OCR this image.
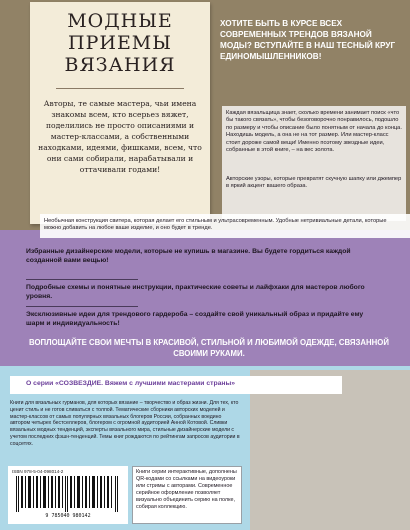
МОДНЫЕ ПРИЕМЫ ВЯЗАНИЯ
Авторы, те самые мастера, чьи имена знакомы всем, кто всерьез вяжет, поделились не просто описаниями и мастер-классами, а собственными находками, идеями, фишками, всем, что они сами собирали, нарабатывали и оттачивали годами!
ХОТИТЕ БЫТЬ В КУРСЕ ВСЕХ СОВРЕМЕННЫХ ТРЕНДОВ ВЯЗАНОЙ МОДЫ? ВСТУПАЙТЕ В НАШ ТЕСНЫЙ КРУГ ЕДИНОМЫШЛЕННИКОВ!
Каждая вязальщица знает, сколько времени занимает поиск «что бы такого связать», чтобы безоговорочно понравилось, подошло по размеру и чтобы описание было понятным от начала до конца. Находишь модель, а она не на тот размер. Или мастер-класс стоит дороже самой вещи! Именно поэтому звездные идеи, собранные в этой книге, – на вес золота.
Авторские узоры, которые превратят скучную шапку или джемпер в яркий акцент вашего образа.
Необычная конструкция свитера, которая делает его стильным и ультрасовременным. Удобные нетривиальные детали, которые можно добавить на любое ваше изделие, и оно будет в тренде.
Избранные дизайнерские модели, которые не купишь в магазине. Вы будете гордиться каждой созданной вами вещью!
Подробные схемы и понятные инструкции, практические советы и лайфхаки для мастеров любого уровня.
Эксклюзивные идеи для трендового гардероба – создайте свой уникальный образ и придайте ему шарм и индивидуальность!
ВОПЛОЩАЙТЕ СВОИ МЕЧТЫ В КРАСИВОЙ, СТИЛЬНОЙ И ЛЮБИМОЙ ОДЕЖДЕ, СВЯЗАННОЙ СВОИМИ РУКАМИ.
О серии «СОЗВЕЗДИЕ. Вяжем с лучшими мастерами страны»
Книги для вязальных гурманов, для которых вязание – творчество и образ жизни. Для тех, кто ценит стиль и не готов сливаться с толпой. Тематические сборники авторских моделей и мастер-классов от самых популярных вязальных блогеров России, собранных воедино автором четырех бестселлеров, блогером с огромной аудиторией Анной Котовой. Сливки вязальных модных тенденций, эксперты вязального мира, стильные дизайнерские модели с учетом последних фэшн-тенденций. Темы книг рождаются по рейтингам запросов аудитории в соцсетях.
ISBN 978-5-04-098014-2
9 785040 980142
Книги серии интерактивные, дополнены QR-кодами со ссылками на видеоуроки или стримы с авторами. Современное серийное оформление позволяет визуально объединить серию на полке, собирая коллекцию.
